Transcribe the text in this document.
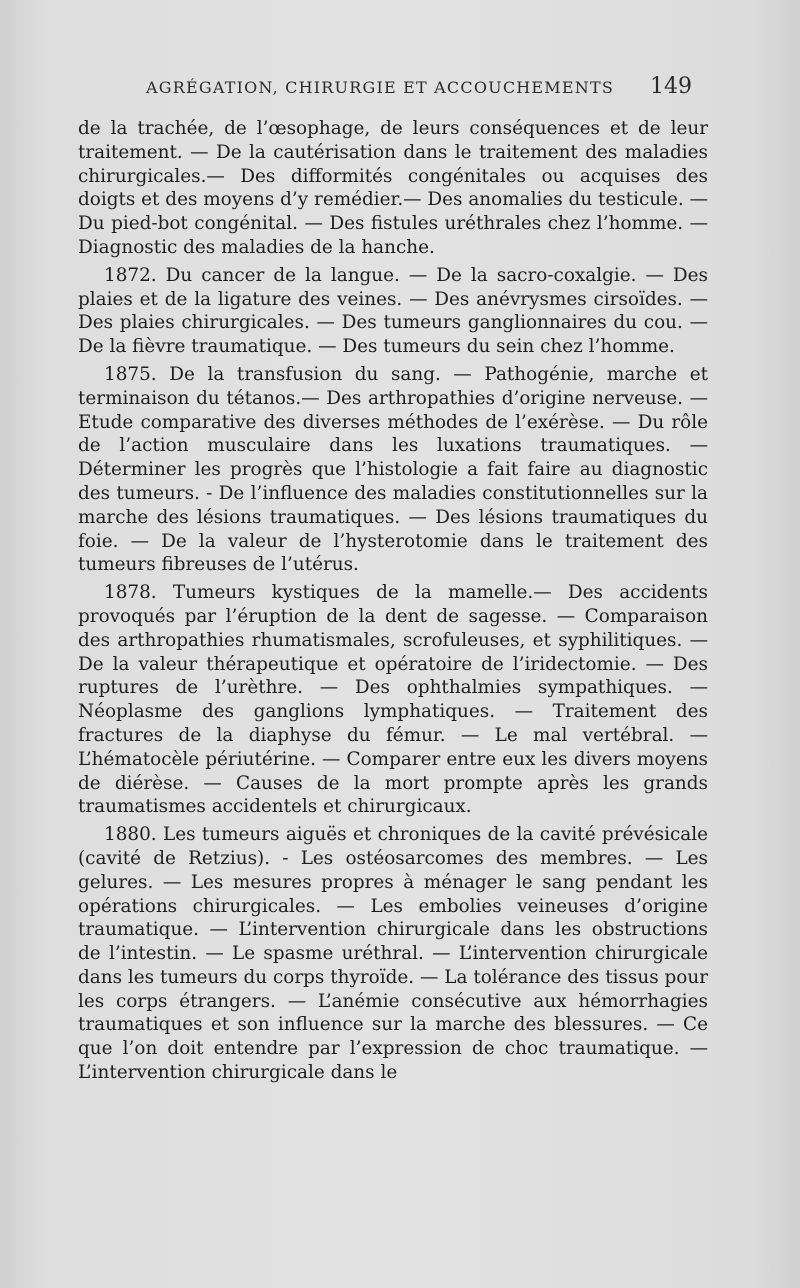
AGRÉGATION, CHIRURGIE ET ACCOUCHEMENTS 149

de la trachée, de l’œsophage, de leurs conséquences et de leur traitement. — De la cautérisation dans le traitement des maladies chirurgicales.— Des difformités congénitales ou acquises des doigts et des moyens d’y remédier.— Des anomalies du testicule. — Du pied-bot congénital. — Des fistules uréthrales chez l’homme. — Diagnostic des maladies de la hanche.

1872. Du cancer de la langue. — De la sacro-coxalgie. — Des plaies et de la ligature des veines. — Des anévrysmes cirsoïdes. — Des plaies chirurgicales. — Des tumeurs ganglionnaires du cou. — De la fièvre traumatique. — Des tumeurs du sein chez l’homme.

1875. De la transfusion du sang. — Pathogénie, marche et terminaison du tétanos.— Des arthropathies d’origine nerveuse. — Etude comparative des diverses méthodes de l’exérèse. — Du rôle de l’action musculaire dans les luxations traumatiques. — Déterminer les progrès que l’histologie a fait faire au diagnostic des tumeurs. - De l’influence des maladies constitutionnelles sur la marche des lésions traumatiques. — Des lésions traumatiques du foie. — De la valeur de l’hysterotomie dans le traitement des tumeurs fibreuses de l’utérus.

1878. Tumeurs kystiques de la mamelle.— Des accidents provoqués par l’éruption de la dent de sagesse. — Comparaison des arthropathies rhumatismales, scrofuleuses, et syphilitiques. — De la valeur thérapeutique et opératoire de l’iridectomie. — Des ruptures de l’urèthre. — Des ophthalmies sympathiques. — Néoplasme des ganglions lymphatiques. — Traitement des fractures de la diaphyse du fémur. — Le mal vertébral. — L’hématocèle périutérine. — Comparer entre eux les divers moyens de diérèse. — Causes de la mort prompte après les grands traumatismes accidentels et chirurgicaux.

1880. Les tumeurs aiguës et chroniques de la cavité prévésicale (cavité de Retzius). - Les ostéosarcomes des membres. — Les gelures. — Les mesures propres à ménager le sang pendant les opérations chirurgicales. — Les embolies veineuses d’origine traumatique. — L’intervention chirurgicale dans les obstructions de l’intestin. — Le spasme uréthral. — L’intervention chirurgicale dans les tumeurs du corps thyroïde. — La tolérance des tissus pour les corps étrangers. — L’anémie consécutive aux hémorrhagies traumatiques et son influence sur la marche des blessures. — Ce que l’on doit entendre par l’expression de choc traumatique. — L’intervention chirurgicale dans le
